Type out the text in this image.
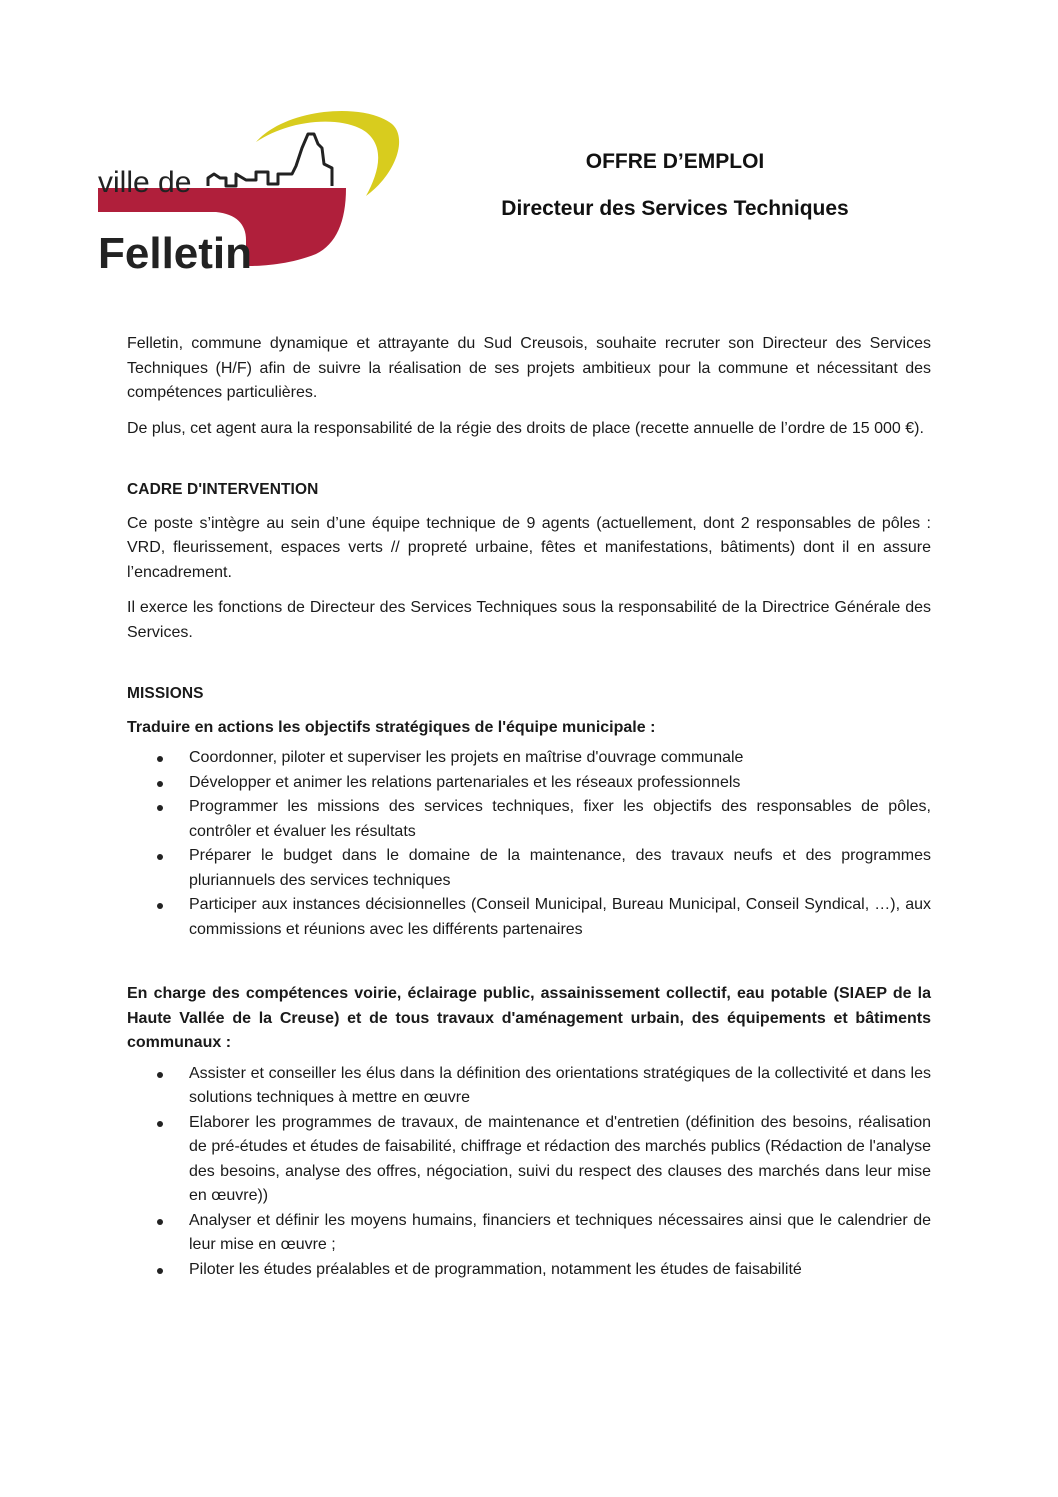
ville de
Felletin
OFFRE D’EMPLOI
Directeur des Services Techniques

Felletin, commune dynamique et attrayante du Sud Creusois, souhaite recruter son Directeur des Services Techniques (H/F) afin de suivre la réalisation de ses projets ambitieux pour la commune et nécessitant des compétences particulières.

De plus, cet agent aura la responsabilité de la régie des droits de place (recette annuelle de l’ordre de 15 000 €).

CADRE D'INTERVENTION

Ce poste s’intègre au sein d’une équipe technique de 9 agents (actuellement, dont 2 responsables de pôles : VRD, fleurissement, espaces verts // propreté urbaine, fêtes et manifestations, bâtiments) dont il en assure l’encadrement.

Il exerce les fonctions de Directeur des Services Techniques sous la responsabilité de la Directrice Générale des Services.

MISSIONS
Traduire en actions les objectifs stratégiques de l'équipe municipale :
Coordonner, piloter et superviser les projets en maîtrise d'ouvrage communale
Développer et animer les relations partenariales et les réseaux professionnels
Programmer les missions des services techniques, fixer les objectifs des responsables de pôles, contrôler et évaluer les résultats
Préparer le budget dans le domaine de la maintenance, des travaux neufs et des programmes pluriannuels des services techniques
Participer aux instances décisionnelles (Conseil Municipal, Bureau Municipal, Conseil Syndical, …), aux commissions et réunions avec les différents partenaires
En charge des compétences voirie, éclairage public, assainissement collectif, eau potable (SIAEP de la Haute Vallée de la Creuse) et de tous travaux d'aménagement urbain, des équipements et bâtiments communaux :
Assister et conseiller les élus dans la définition des orientations stratégiques de la collectivité et dans les solutions techniques à mettre en œuvre
Elaborer les programmes de travaux, de maintenance et d'entretien (définition des besoins, réalisation de pré-études et études de faisabilité, chiffrage et rédaction des marchés publics (Rédaction de l'analyse des besoins, analyse des offres, négociation, suivi du respect des clauses des marchés dans leur mise en œuvre))
Analyser et définir les moyens humains, financiers et techniques nécessaires ainsi que le calendrier de leur mise en œuvre ;
Piloter les études préalables et de programmation, notamment les études de faisabilité
